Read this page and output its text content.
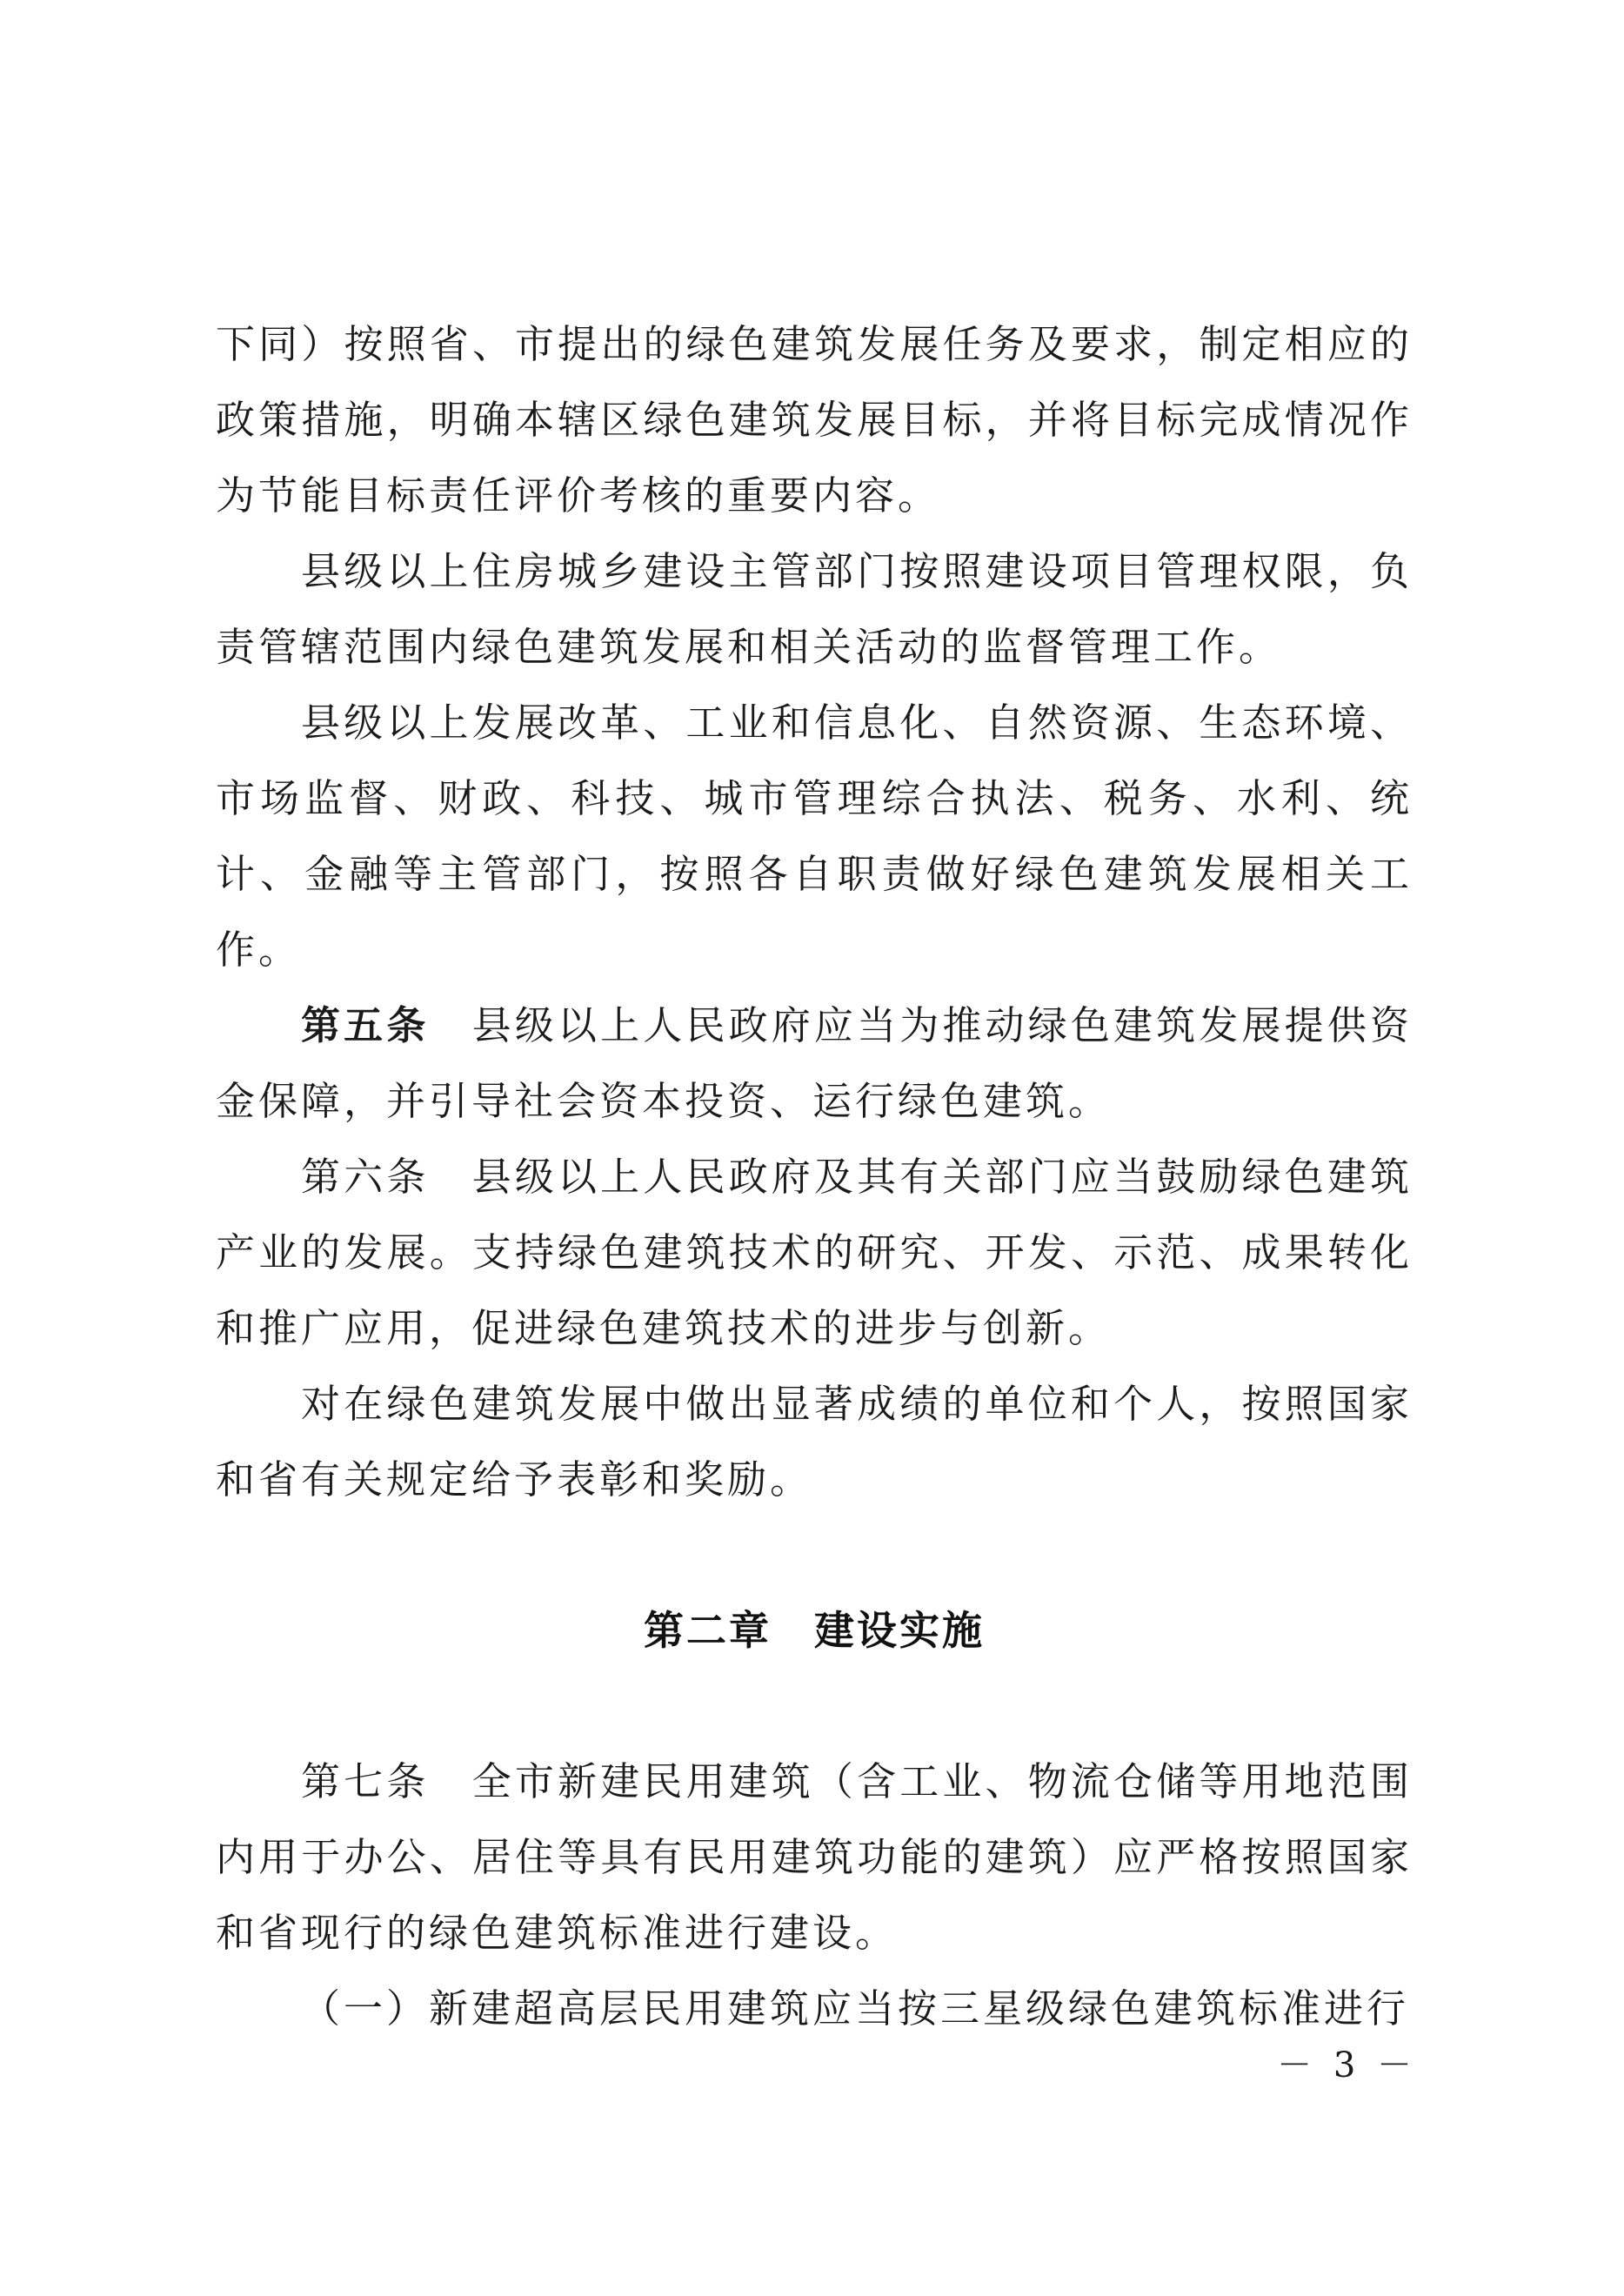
下同）按照省、市提出的绿色建筑发展任务及要求，制定相应的政策措施，明确本辖区绿色建筑发展目标，并将目标完成情况作为节能目标责任评价考核的重要内容。

县级以上住房城乡建设主管部门按照建设项目管理权限，负责管辖范围内绿色建筑发展和相关活动的监督管理工作。

县级以上发展改革、工业和信息化、自然资源、生态环境、市场监督、财政、科技、城市管理综合执法、税务、水利、统计、金融等主管部门，按照各自职责做好绿色建筑发展相关工作。

第五条　 县级以上人民政府应当为推动绿色建筑发展提供资金保障，并引导社会资本投资、运行绿色建筑。

第六条　 县级以上人民政府及其有关部门应当鼓励绿色建筑产业的发展。支持绿色建筑技术的研究、开发、示范、成果转化和推广应用，促进绿色建筑技术的进步与创新。

对在绿色建筑发展中做出显著成绩的单位和个人，按照国家和省有关规定给予表彰和奖励。

第二章　建设实施

第七条　 全市新建民用建筑（含工业、物流仓储等用地范围内用于办公、居住等具有民用建筑功能的建筑）应严格按照国家和省现行的绿色建筑标准进行建设。

（一）新建超高层民用建筑应当按三星级绿色建筑标准进行

－ 3 －
